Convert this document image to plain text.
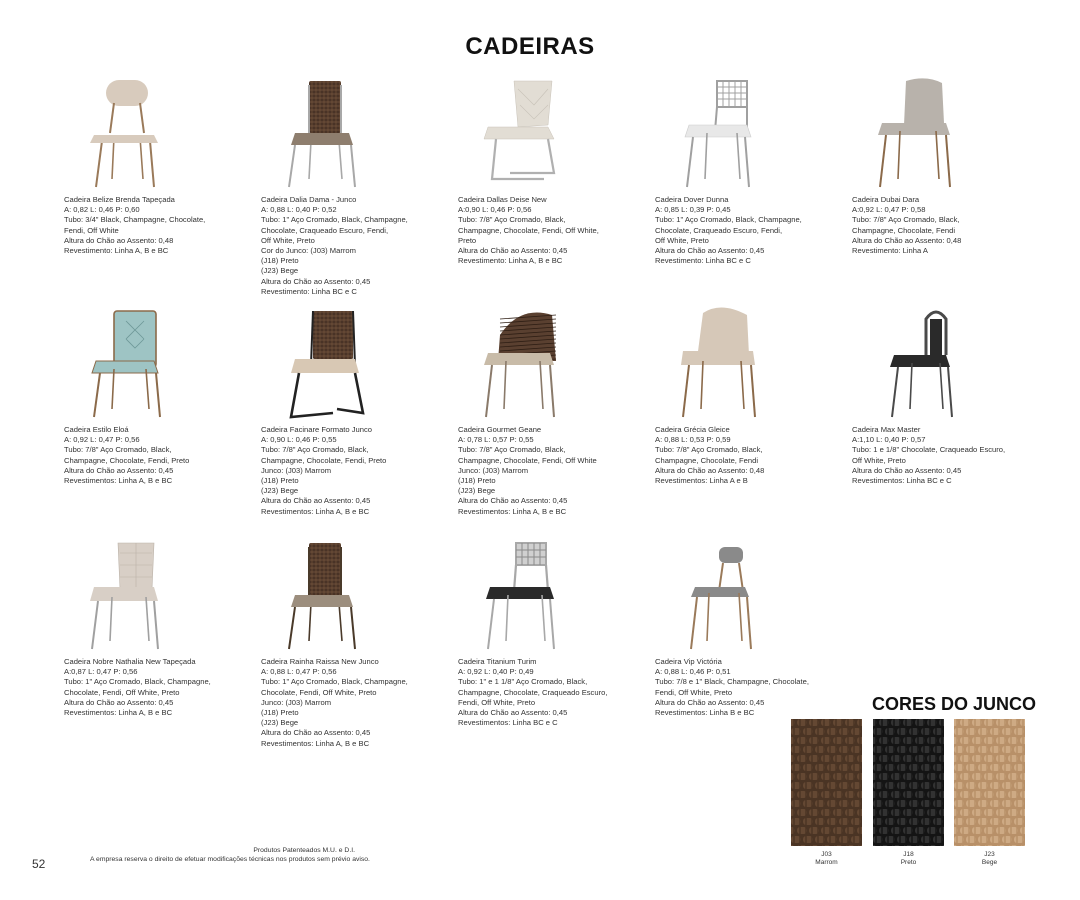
CADEIRAS
Cadeira Belize Brenda Tapeçada
A: 0,82 L: 0,46 P: 0,60
Tubo: 3/4" Black, Champagne, Chocolate,
Fendi, Off White
Altura do Chão ao Assento: 0,48
Revestimento: Linha A, B e BC
Cadeira Dalia Dama - Junco
A: 0,88 L: 0,40 P: 0,52
Tubo: 1" Aço Cromado, Black, Champagne,
Chocolate, Craqueado Escuro, Fendi,
Off White, Preto
Cor do Junco: (J03) Marrom
(J18) Preto
(J23) Bege
Altura do Chão ao Assento: 0,45
Revestimento: Linha BC e C
Cadeira Dallas Deise New
A:0,90 L: 0,46 P: 0,56
Tubo: 7/8" Aço Cromado, Black,
Champagne, Chocolate, Fendi, Off White,
Preto
Altura do Chão ao Assento: 0,45
Revestimento: Linha A, B e BC
Cadeira Dover Dunna
A: 0,85 L: 0,39 P: 0,45
Tubo: 1" Aço Cromado, Black, Champagne,
Chocolate, Craqueado Escuro, Fendi,
Off White, Preto
Altura do Chão ao Assento: 0,45
Revestimento: Linha BC e C
Cadeira Dubai Dara
A:0,92 L: 0,47 P: 0,58
Tubo: 7/8" Aço Cromado, Black,
Champagne, Chocolate, Fendi
Altura do Chão ao Assento: 0,48
Revestimento: Linha A
Cadeira Estilo Eloá
A: 0,92 L: 0,47 P: 0,56
Tubo: 7/8" Aço Cromado, Black,
Champagne, Chocolate, Fendi, Preto
Altura do Chão ao Assento: 0,45
Revestimentos: Linha A, B e BC
Cadeira Facinare Formato Junco
A: 0,90 L: 0,46 P: 0,55
Tubo: 7/8" Aço Cromado, Black,
Champagne, Chocolate, Fendi, Preto
Junco: (J03) Marrom
(J18) Preto
(J23) Bege
Altura do Chão ao Assento: 0,45
Revestimentos: Linha A, B e BC
Cadeira Gourmet Geane
A: 0,78 L: 0,57 P: 0,55
Tubo: 7/8" Aço Cromado, Black,
Champagne, Chocolate, Fendi, Off White
Junco: (J03) Marrom
(J18) Preto
(J23) Bege
Altura do Chão ao Assento: 0,45
Revestimentos: Linha A, B e BC
Cadeira Grécia Gleice
A: 0,88 L: 0,53 P: 0,59
Tubo: 7/8" Aço Cromado, Black,
Champagne, Chocolate, Fendi
Altura do Chão ao Assento: 0,48
Revestimentos: Linha A e B
Cadeira Max Master
A:1,10 L: 0,40 P: 0,57
Tubo: 1 e 1/8" Chocolate, Craqueado Escuro,
Off White, Preto
Altura do Chão ao Assento: 0,45
Revestimentos: Linha BC e C
Cadeira Nobre Nathalia New Tapeçada
A:0,87 L: 0,47 P: 0,56
Tubo: 1" Aço Cromado, Black, Champagne,
Chocolate, Fendi, Off White, Preto
Altura do Chão ao Assento: 0,45
Revestimentos: Linha A, B e BC
Cadeira Rainha Raissa New Junco
A: 0,88 L: 0,47 P: 0,56
Tubo: 1" Aço Cromado, Black, Champagne,
Chocolate, Fendi, Off White, Preto
Junco: (J03) Marrom
(J18) Preto
(J23) Bege
Altura do Chão ao Assento: 0,45
Revestimentos: Linha A, B e BC
Cadeira Titanium Turim
A: 0,92 L: 0,40 P: 0,49
Tubo: 1" e 1 1/8" Aço Cromado, Black,
Champagne, Chocolate, Craqueado Escuro,
Fendi, Off White, Preto
Altura do Chão ao Assento: 0,45
Revestimentos: Linha BC e C
Cadeira Vip Victória
A: 0,88 L: 0,46 P: 0,51
Tubo: 7/8 e 1" Black, Champagne, Chocolate,
Fendi, Off White, Preto
Altura do Chão ao Assento: 0,45
Revestimentos: Linha B e BC	CORES DO JUNCO
J03
Marrom
J18
Preto
J23
Bege
Produtos Patenteados M.U. e D.I.
A empresa reserva o direito de efetuar modificações técnicas nos produtos sem prévio aviso.
52
